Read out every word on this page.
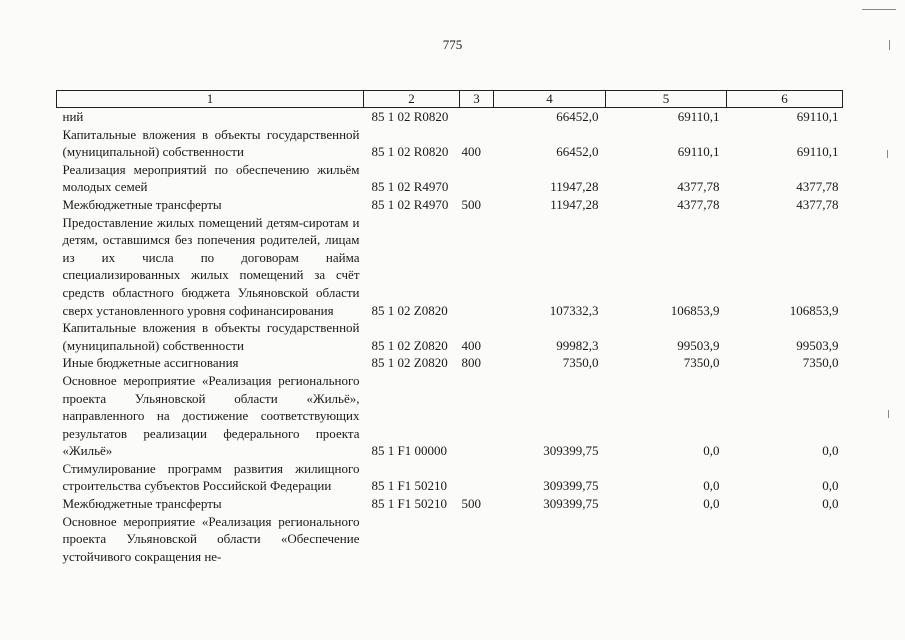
775
1	2	3	4	5	6
ний	85 1 02 R0820		66452,0	69110,1	69110,1
Капитальные вложения в объекты государственной (муниципальной) собственности	85 1 02 R0820	400	66452,0	69110,1	69110,1
Реализация мероприятий по обеспечению жильём молодых семей	85 1 02 R4970		11947,28	4377,78	4377,78
Межбюджетные трансферты	85 1 02 R4970	500	11947,28	4377,78	4377,78
Предоставление жилых помещений детям-сиротам и детям, оставшимся без попечения родителей, лицам из их числа по договорам найма специализированных жилых помещений за счёт средств областного бюджета Ульяновской области сверх установленного уровня софинансирования	85 1 02 Z0820		107332,3	106853,9	106853,9
Капитальные вложения в объекты государственной (муниципальной) собственности	85 1 02 Z0820	400	99982,3	99503,9	99503,9
Иные бюджетные ассигнования	85 1 02 Z0820	800	7350,0	7350,0	7350,0
Основное мероприятие «Реализация регионального проекта Ульяновской области «Жильё», направленного на достижение соответствующих результатов реализации федерального проекта «Жильё»	85 1 F1 00000		309399,75	0,0	0,0
Стимулирование программ развития жилищного строительства субъектов Российской Федерации	85 1 F1 50210		309399,75	0,0	0,0
Межбюджетные трансферты	85 1 F1 50210	500	309399,75	0,0	0,0
Основное мероприятие «Реализация регионального проекта Ульяновской области «Обеспечение устойчивого сокращения не-					
